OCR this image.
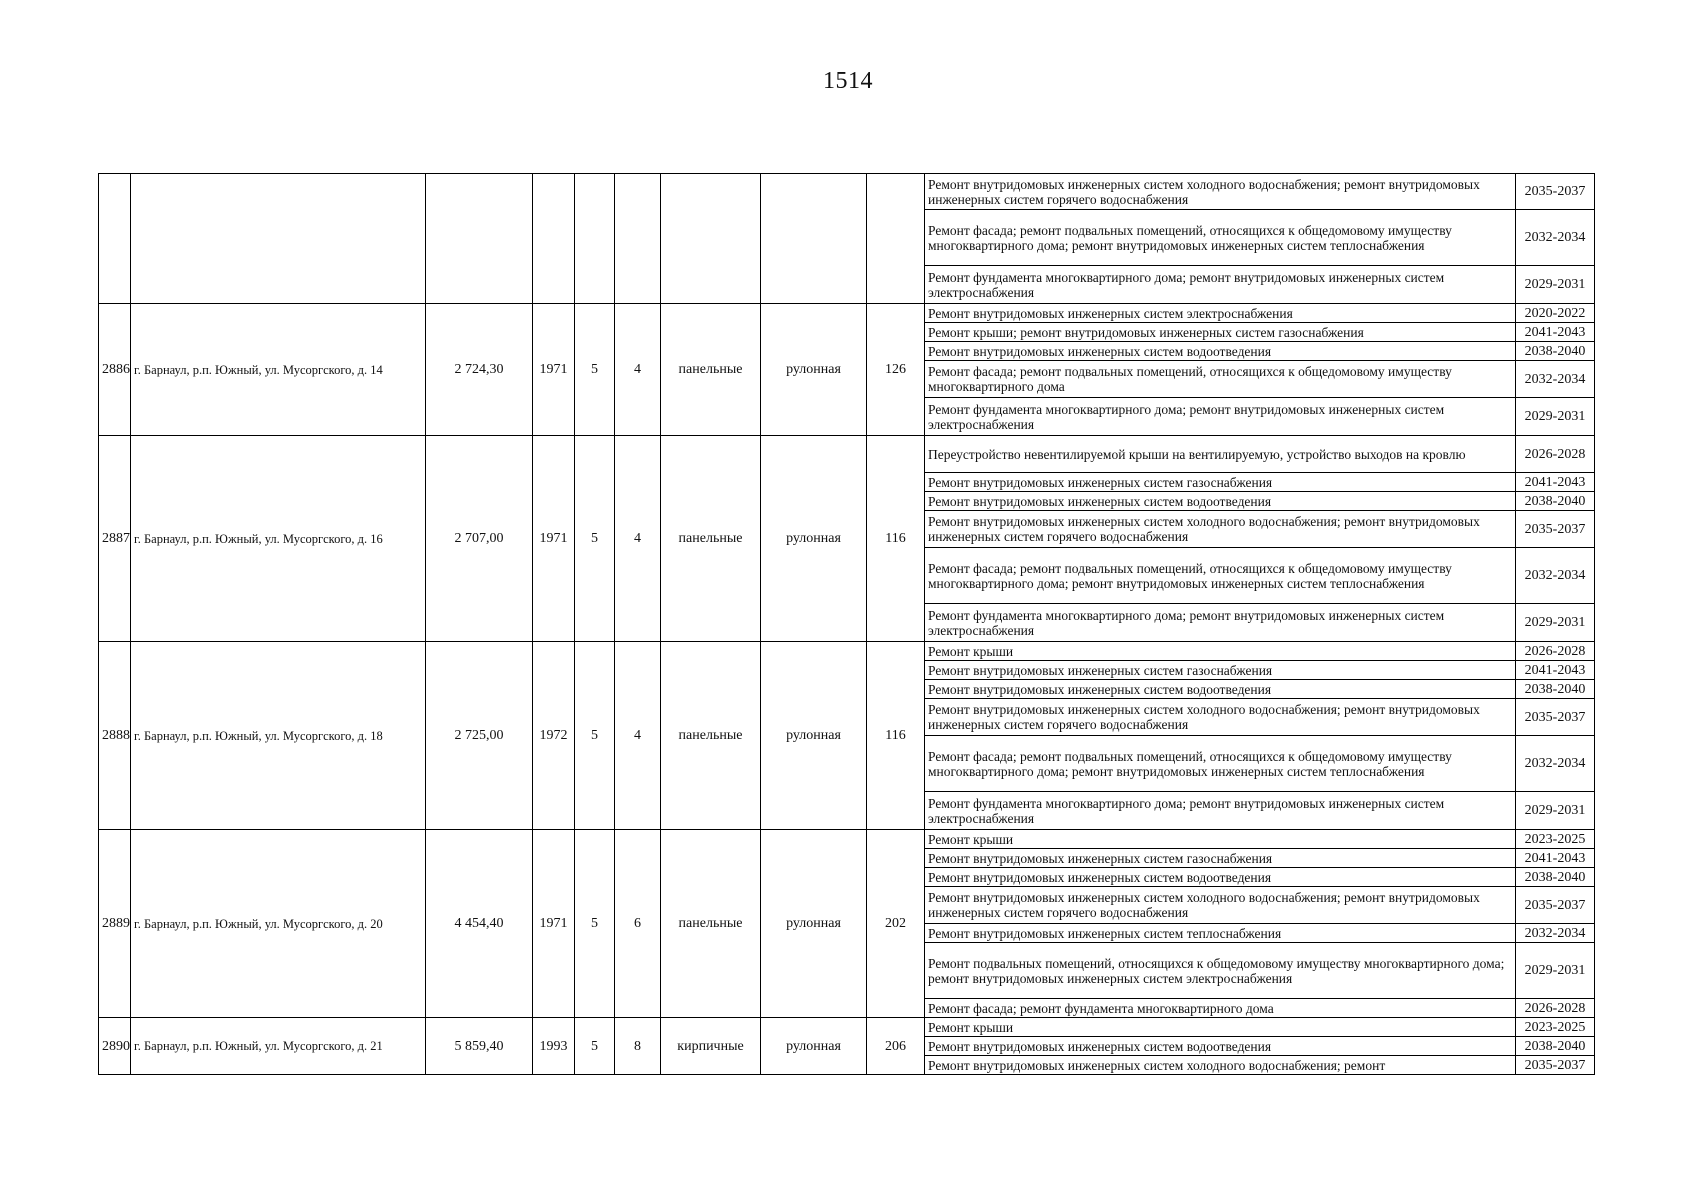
1514
									Ремонт внутридомовых инженерных систем холодного водоснабжения; ремонт внутридомовых инженерных систем горячего водоснабжения	2035-2037
									Ремонт фасада; ремонт подвальных помещений, относящихся к общедомовому имуществу многоквартирного дома; ремонт внутридомовых инженерных систем теплоснабжения	2032-2034
									Ремонт фундамента многоквартирного дома; ремонт внутридомовых инженерных систем электроснабжения	2029-2031
2886	г. Барнаул, р.п. Южный, ул. Мусоргского, д. 14	2 724,30	1971	5	4	панельные	рулонная	126	Ремонт внутридомовых инженерных систем электроснабжения	2020-2022
									Ремонт крыши; ремонт внутридомовых инженерных систем газоснабжения	2041-2043
									Ремонт внутридомовых инженерных систем водоотведения	2038-2040
									Ремонт фасада; ремонт подвальных помещений, относящихся к общедомовому имуществу многоквартирного дома	2032-2034
									Ремонт фундамента многоквартирного дома; ремонт внутридомовых инженерных систем электроснабжения	2029-2031
2887	г. Барнаул, р.п. Южный, ул. Мусоргского, д. 16	2 707,00	1971	5	4	панельные	рулонная	116	Переустройство невентилируемой крыши на вентилируемую, устройство выходов на кровлю	2026-2028
									Ремонт внутридомовых инженерных систем газоснабжения	2041-2043
									Ремонт внутридомовых инженерных систем водоотведения	2038-2040
									Ремонт внутридомовых инженерных систем холодного водоснабжения; ремонт внутридомовых инженерных систем горячего водоснабжения	2035-2037
									Ремонт фасада; ремонт подвальных помещений, относящихся к общедомовому имуществу многоквартирного дома; ремонт внутридомовых инженерных систем теплоснабжения	2032-2034
									Ремонт фундамента многоквартирного дома; ремонт внутридомовых инженерных систем электроснабжения	2029-2031
2888	г. Барнаул, р.п. Южный, ул. Мусоргского, д. 18	2 725,00	1972	5	4	панельные	рулонная	116	Ремонт крыши	2026-2028
									Ремонт внутридомовых инженерных систем газоснабжения	2041-2043
									Ремонт внутридомовых инженерных систем водоотведения	2038-2040
									Ремонт внутридомовых инженерных систем холодного водоснабжения; ремонт внутридомовых инженерных систем горячего водоснабжения	2035-2037
									Ремонт фасада; ремонт подвальных помещений, относящихся к общедомовому имуществу многоквартирного дома; ремонт внутридомовых инженерных систем теплоснабжения	2032-2034
									Ремонт фундамента многоквартирного дома; ремонт внутридомовых инженерных систем электроснабжения	2029-2031
2889	г. Барнаул, р.п. Южный, ул. Мусоргского, д. 20	4 454,40	1971	5	6	панельные	рулонная	202	Ремонт крыши	2023-2025
									Ремонт внутридомовых инженерных систем газоснабжения	2041-2043
									Ремонт внутридомовых инженерных систем водоотведения	2038-2040
									Ремонт внутридомовых инженерных систем холодного водоснабжения; ремонт внутридомовых инженерных систем горячего водоснабжения	2035-2037
									Ремонт внутридомовых инженерных систем теплоснабжения	2032-2034
									Ремонт подвальных помещений, относящихся к общедомовому имуществу многоквартирного дома; ремонт внутридомовых инженерных систем электроснабжения	2029-2031
									Ремонт фасада; ремонт фундамента многоквартирного дома	2026-2028
2890	г. Барнаул, р.п. Южный, ул. Мусоргского, д. 21	5 859,40	1993	5	8	кирпичные	рулонная	206	Ремонт крыши	2023-2025
									Ремонт внутридомовых инженерных систем водоотведения	2038-2040
									Ремонт внутридомовых инженерных систем холодного водоснабжения; ремонт	2035-2037
